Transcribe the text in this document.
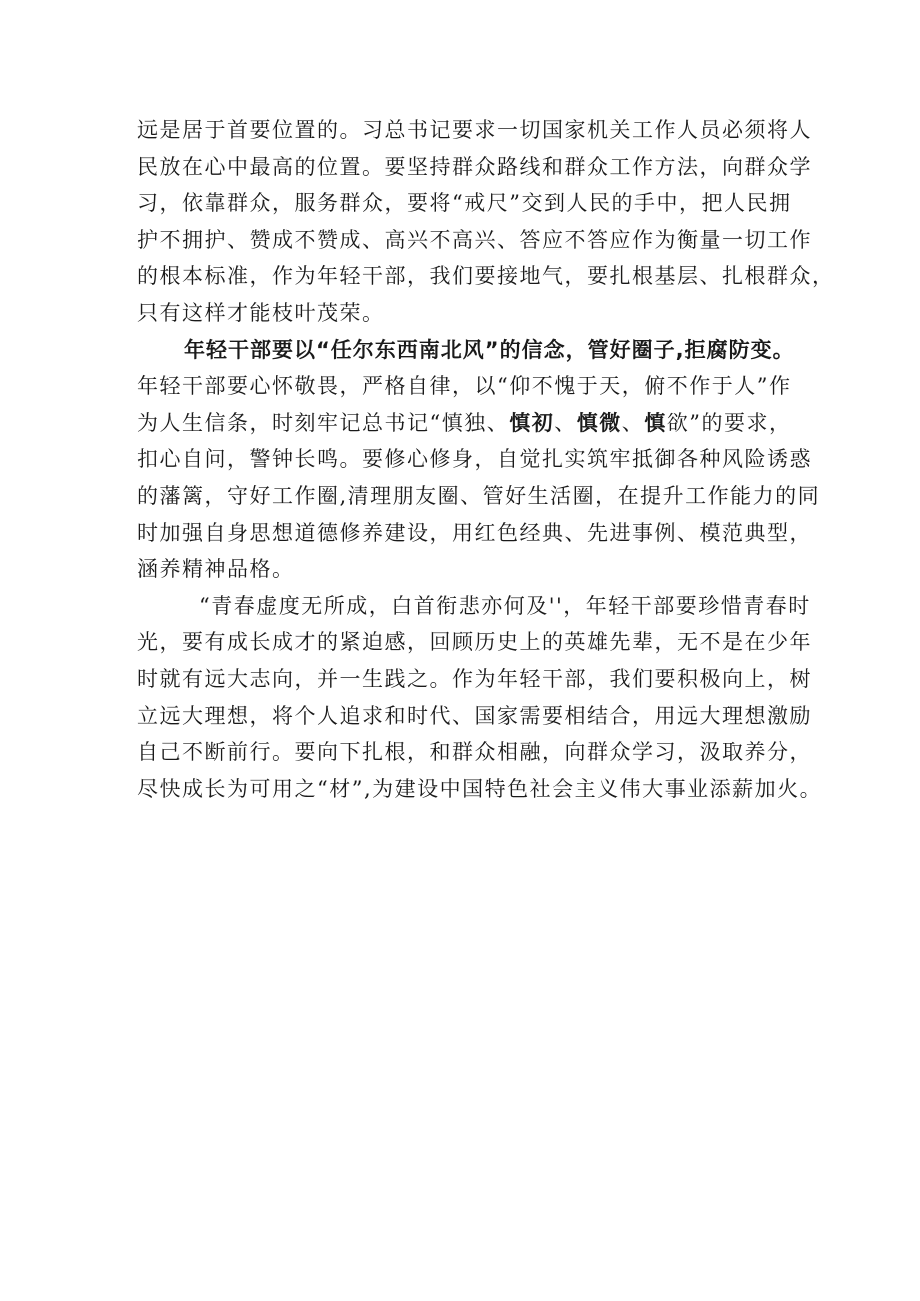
远是居于首要位置的。习总书记要求一切国家机关工作人员必须将人
民放在心中最高的位置。要坚持群众路线和群众工作方法，向群众学
习，依靠群众，服务群众，要将“戒尺”交到人民的手中，把人民拥
护不拥护、赞成不赞成、高兴不高兴、答应不答应作为衡量一切工作
的根本标准，作为年轻干部，我们要接地气，要扎根基层、扎根群众，
只有这样才能枝叶茂荣。
年轻干部要以“任尔东西南北风”的信念，管好圈子,拒腐防变。
年轻干部要心怀敬畏，严格自律，以“仰不愧于天，俯不作于人”作
为人生信条，时刻牢记总书记“慎独、慎初、慎微、慎欲”的要求，
扣心自问，警钟长鸣。要修心修身，自觉扎实筑牢抵御各种风险诱惑
的藩篱，守好工作圈,清理朋友圈、管好生活圈，在提升工作能力的同
时加强自身思想道德修养建设，用红色经典、先进事例、模范典型，
涵养精神品格。
“青春虚度无所成，白首衔悲亦何及''，年轻干部要珍惜青春时
光，要有成长成才的紧迫感，回顾历史上的英雄先辈，无不是在少年
时就有远大志向，并一生践之。作为年轻干部，我们要积极向上，树
立远大理想，将个人追求和时代、国家需要相结合，用远大理想激励
自己不断前行。要向下扎根，和群众相融，向群众学习，汲取养分，
尽快成长为可用之“材”,为建设中国特色社会主义伟大事业添薪加火。
